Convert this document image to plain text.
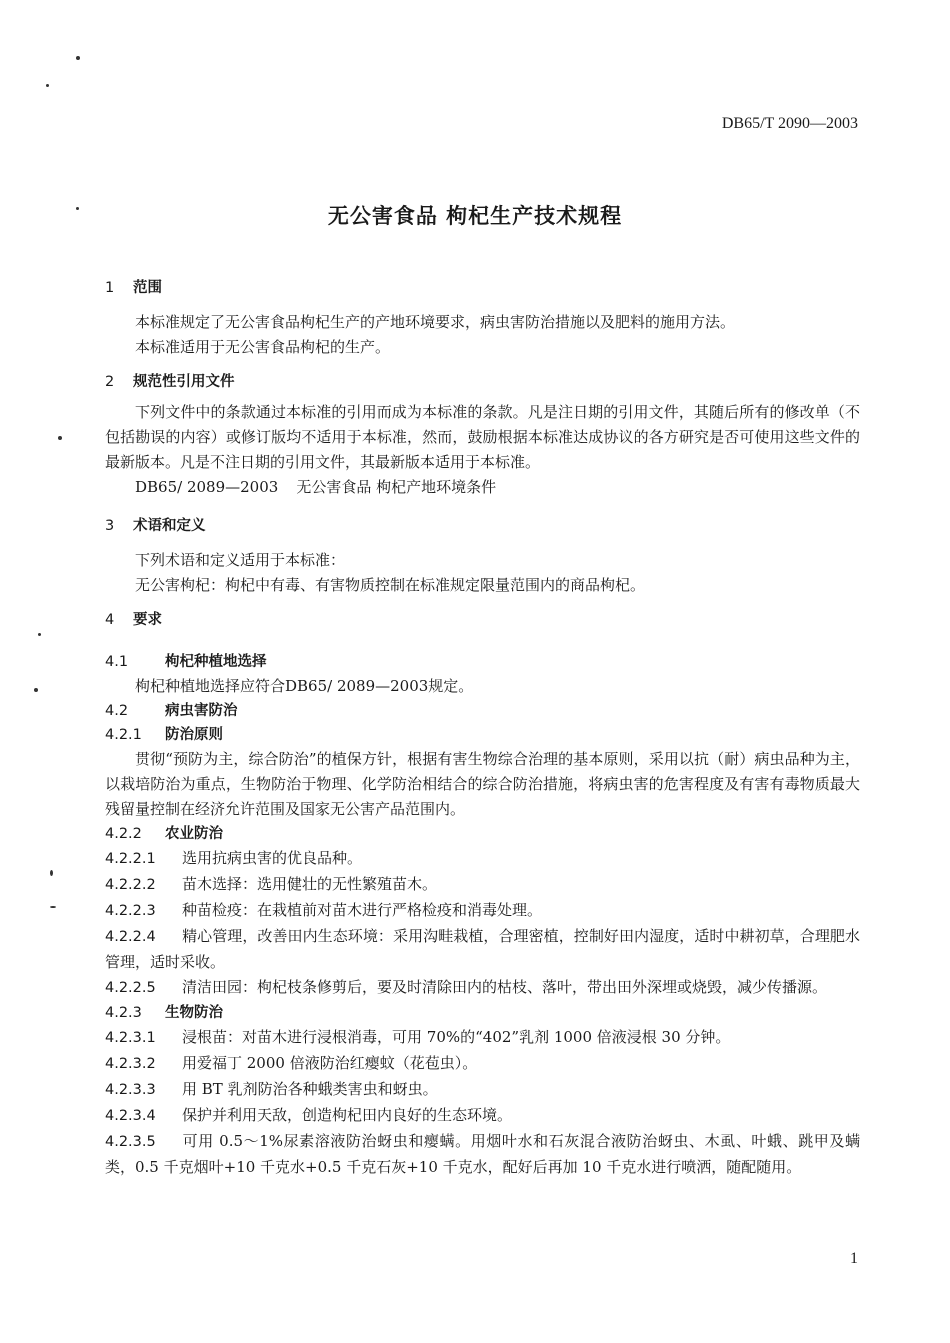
DB65/T 2090—2003
无公害食品 枸杞生产技术规程
1 范围

本标准规定了无公害食品枸杞生产的产地环境要求，病虫害防治措施以及肥料的施用方法。

本标准适用于无公害食品枸杞的生产。

2 规范性引用文件

下列文件中的条款通过本标准的引用而成为本标准的条款。凡是注日期的引用文件，其随后所有的修改单（不包括勘误的内容）或修订版均不适用于本标准，然而，鼓励根据本标准达成协议的各方研究是否可使用这些文件的最新版本。凡是不注日期的引用文件，其最新版本适用于本标准。

DB65/ 2089—2003 无公害食品 枸杞产地环境条件
3 术语和定义

下列术语和定义适用于本标准：

无公害枸杞：枸杞中有毒、有害物质控制在标准规定限量范围内的商品枸杞。

4 要求
4.1	枸杞种植地选择

枸杞种植地选择应符合DB65/ 2089—2003规定。

4.2	病虫害防治
4.2.1 防治原则

贯彻“预防为主，综合防治”的植保方针，根据有害生物综合治理的基本原则，采用以抗（耐）病虫品种为主，以栽培防治为重点，生物防治于物理、化学防治相结合的综合防治措施，将病虫害的危害程度及有害有毒物质最大残留量控制在经济允许范围及国家无公害产品范围内。

4.2.2 农业防治

4.2.2.1 选用抗病虫害的优良品种。

4.2.2.2 苗木选择：选用健壮的无性繁殖苗木。

4.2.2.3 种苗检疫：在栽植前对苗木进行严格检疫和消毒处理。

4.2.2.4 精心管理，改善田内生态环境：采用沟畦栽植，合理密植，控制好田内湿度，适时中耕初草，合理肥水管理，适时采收。

4.2.2.5 清洁田园：枸杞枝条修剪后，要及时清除田内的枯枝、落叶，带出田外深埋或烧毁，减少传播源。

4.2.3 生物防治

4.2.3.1 浸根苗：对苗木进行浸根消毒，可用 70%的“402”乳剂 1000 倍液浸根 30 分钟。

4.2.3.2 用爱福丁 2000 倍液防治红瘿蚊（花苞虫）。

4.2.3.3 用 BT 乳剂防治各种蛾类害虫和蚜虫。

4.2.3.4 保护并利用天敌，创造枸杞田内良好的生态环境。

4.2.3.5 可用 0.5～1%尿素溶液防治蚜虫和瘿螨。用烟叶水和石灰混合液防治蚜虫、木虱、叶蛾、跳甲及螨类，0.5 千克烟叶+10 千克水+0.5 千克石灰+10 千克水，配好后再加 10 千克水进行喷洒，随配随用。

1
